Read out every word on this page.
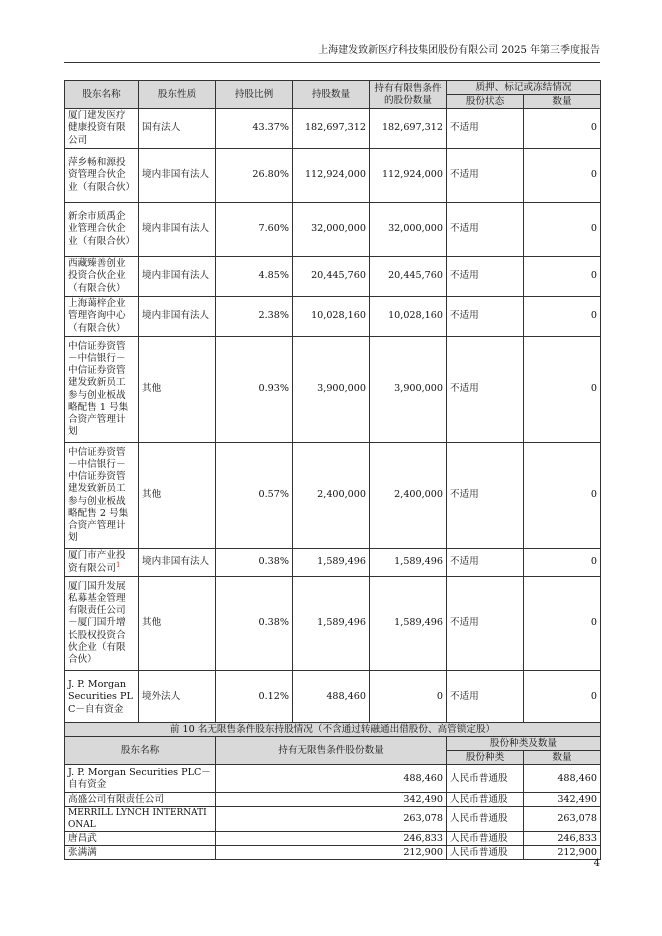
上海建发致新医疗科技集团股份有限公司 2025 年第三季度报告
股东名称	股东性质	持股比例	持股数量	持有有限售条件的股份数量	质押、标记或冻结情况	
					股份状态	数量
厦门建发医疗健康投资有限公司	国有法人	43.37%	182,697,312	182,697,312	不适用	0
萍乡畅和源投资管理合伙企业（有限合伙）	境内非国有法人	26.80%	112,924,000	112,924,000	不适用	0
新余市质禹企业管理合伙企业（有限合伙）	境内非国有法人	7.60%	32,000,000	32,000,000	不适用	0
西藏臻善创业投资合伙企业（有限合伙）	境内非国有法人	4.85%	20,445,760	20,445,760	不适用	0
上海蔼梓企业管理咨询中心（有限合伙）	境内非国有法人	2.38%	10,028,160	10,028,160	不适用	0
中信证券资管－中信银行－中信证券资管建发致新员工参与创业板战略配售 1 号集合资产管理计划	其他	0.93%	3,900,000	3,900,000	不适用	0
中信证券资管－中信银行－中信证券资管建发致新员工参与创业板战略配售 2 号集合资产管理计划	其他	0.57%	2,400,000	2,400,000	不适用	0
厦门市产业投资有限公司$^1$	境内非国有法人	0.38%	1,589,496	1,589,496	不适用	0
厦门国升发展私募基金管理有限责任公司－厦门国升增长股权投资合伙企业（有限合伙）	其他	0.38%	1,589,496	1,589,496	不适用	0
J. P. Morgan Securities PLC－自有资金	境外法人	0.12%	488,460	0	不适用	0
前 10 名无限售条件股东持股情况（不含通过转融通出借股份、高管锁定股）			
股东名称	持有无限售条件股份数量	股份种类及数量	
		股份种类	数量
J. P. Morgan Securities PLC－自有资金	488,460	人民币普通股	488,460
高盛公司有限责任公司	342,490	人民币普通股	342,490
MERRILL LYNCH INTERNATIONAL	263,078	人民币普通股	263,078
唐昌武	246,833	人民币普通股	246,833
张满满	212,900	人民币普通股	212,900
4
